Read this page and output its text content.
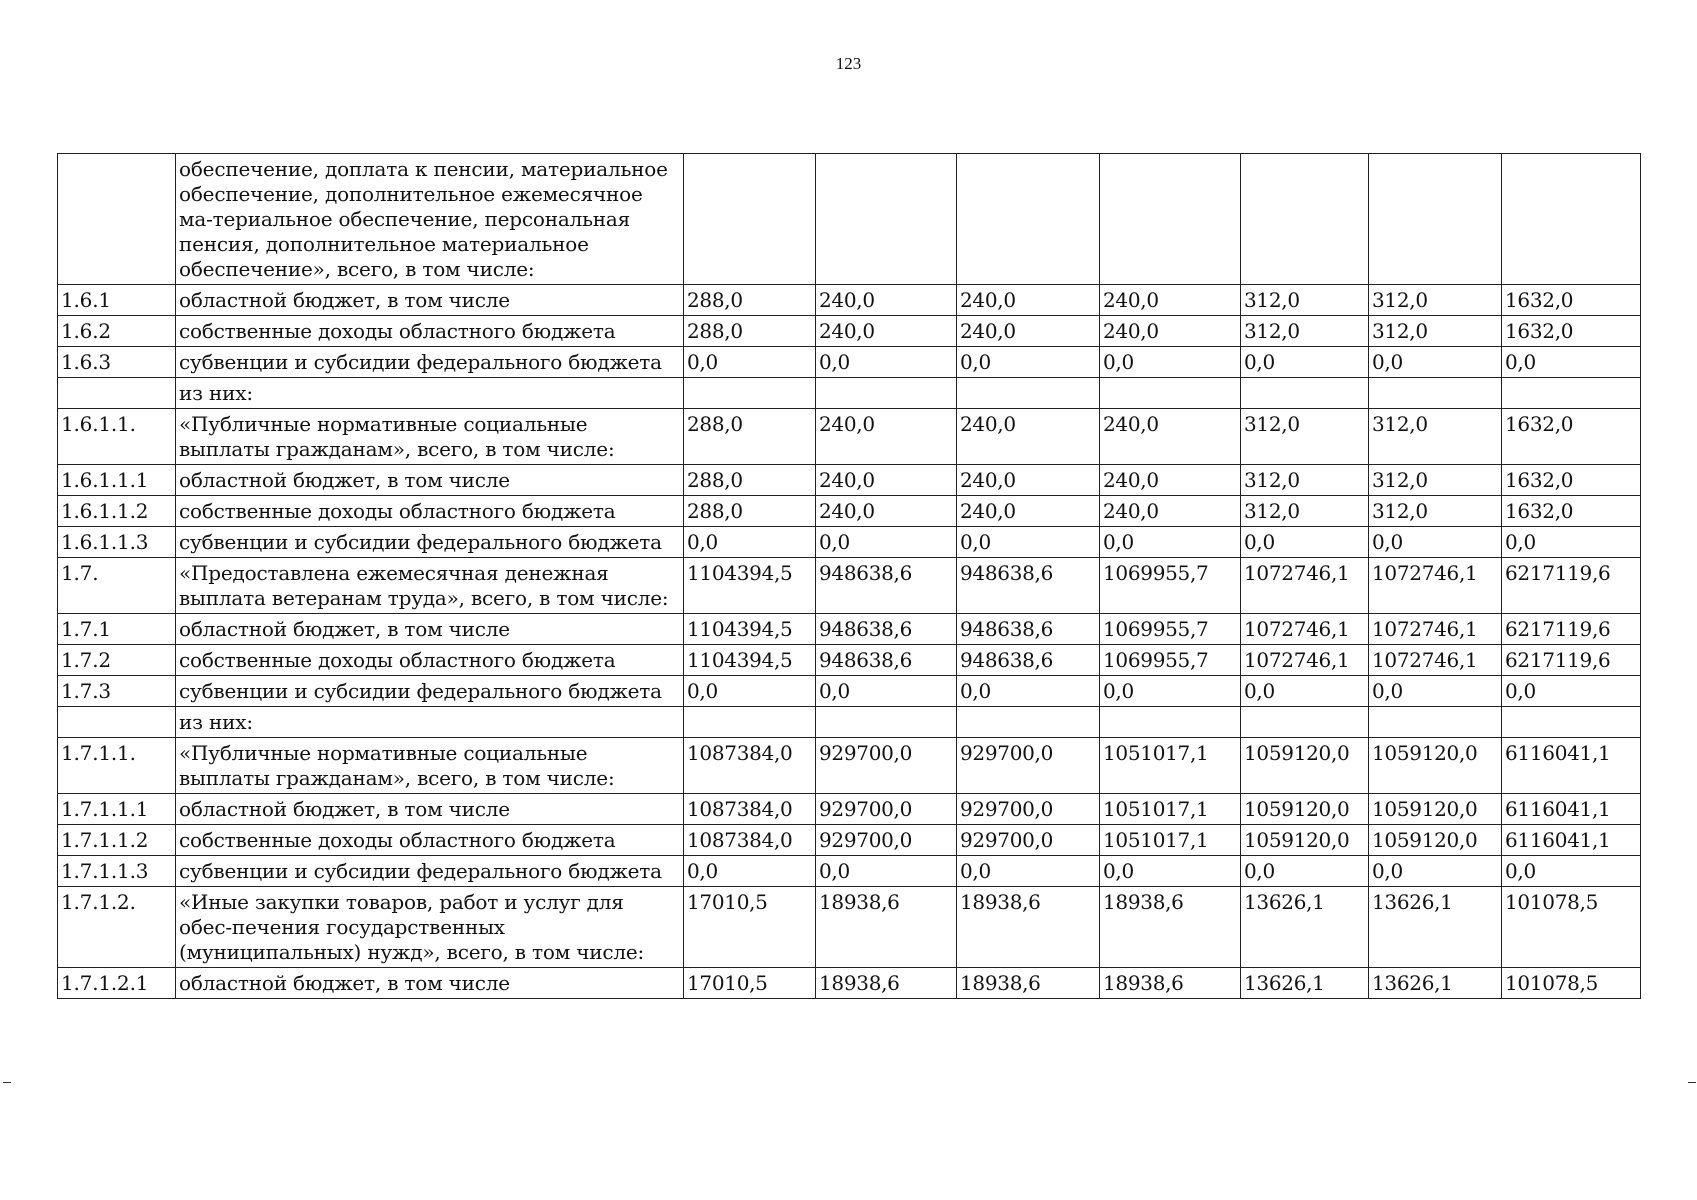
123
	обеспечение, доплата к пенсии, материальное обеспечение, дополнительное ежемесячное ма-териальное обеспечение, персональная пенсия, дополнительное материальное обеспечение», всего, в том числе:							
1.6.1	областной бюджет, в том числе	288,0	240,0	240,0	240,0	312,0	312,0	1632,0
1.6.2	собственные доходы областного бюджета	288,0	240,0	240,0	240,0	312,0	312,0	1632,0
1.6.3	субвенции и субсидии федерального бюджета	0,0	0,0	0,0	0,0	0,0	0,0	0,0
	из них:							
1.6.1.1.	«Публичные нормативные социальные выплаты гражданам», всего, в том числе:	288,0	240,0	240,0	240,0	312,0	312,0	1632,0
1.6.1.1.1	областной бюджет, в том числе	288,0	240,0	240,0	240,0	312,0	312,0	1632,0
1.6.1.1.2	собственные доходы областного бюджета	288,0	240,0	240,0	240,0	312,0	312,0	1632,0
1.6.1.1.3	субвенции и субсидии федерального бюджета	0,0	0,0	0,0	0,0	0,0	0,0	0,0
1.7.	«Предоставлена ежемесячная денежная выплата ветеранам труда», всего, в том числе:	1104394,5	948638,6	948638,6	1069955,7	1072746,1	1072746,1	6217119,6
1.7.1	областной бюджет, в том числе	1104394,5	948638,6	948638,6	1069955,7	1072746,1	1072746,1	6217119,6
1.7.2	собственные доходы областного бюджета	1104394,5	948638,6	948638,6	1069955,7	1072746,1	1072746,1	6217119,6
1.7.3	субвенции и субсидии федерального бюджета	0,0	0,0	0,0	0,0	0,0	0,0	0,0
	из них:							
1.7.1.1.	«Публичные нормативные социальные выплаты гражданам», всего, в том числе:	1087384,0	929700,0	929700,0	1051017,1	1059120,0	1059120,0	6116041,1
1.7.1.1.1	областной бюджет, в том числе	1087384,0	929700,0	929700,0	1051017,1	1059120,0	1059120,0	6116041,1
1.7.1.1.2	собственные доходы областного бюджета	1087384,0	929700,0	929700,0	1051017,1	1059120,0	1059120,0	6116041,1
1.7.1.1.3	субвенции и субсидии федерального бюджета	0,0	0,0	0,0	0,0	0,0	0,0	0,0
1.7.1.2.	«Иные закупки товаров, работ и услуг для обес-печения государственных (муниципальных) нужд», всего, в том числе:	17010,5	18938,6	18938,6	18938,6	13626,1	13626,1	101078,5
1.7.1.2.1	областной бюджет, в том числе	17010,5	18938,6	18938,6	18938,6	13626,1	13626,1	101078,5
